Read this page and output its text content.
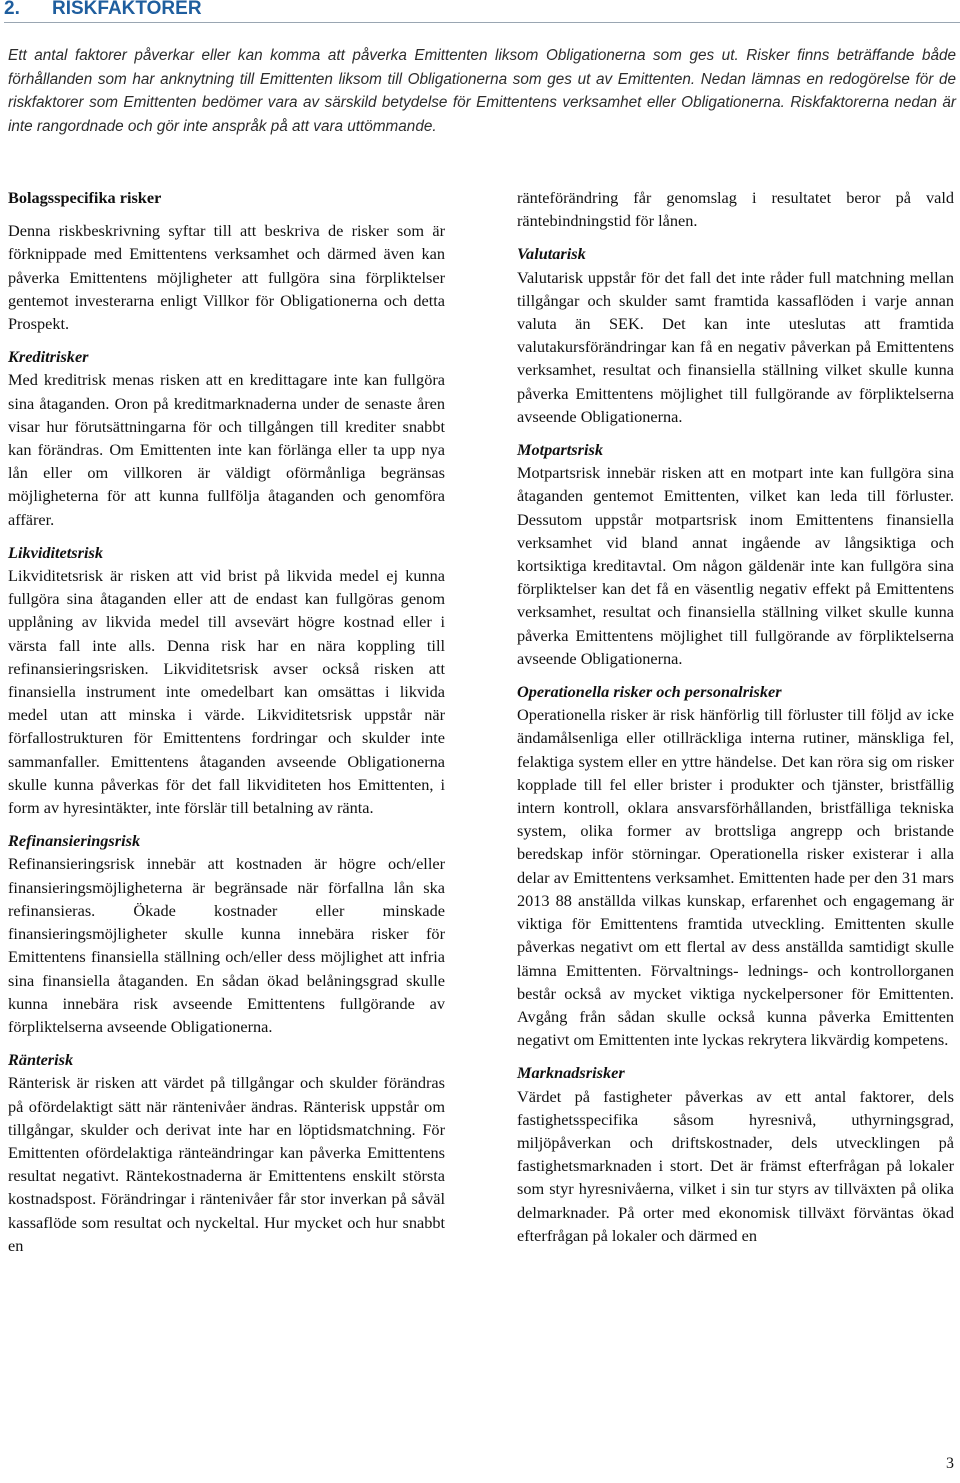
2. RISKFAKTORER

Ett antal faktorer påverkar eller kan komma att påverka Emittenten liksom Obligationerna som ges ut. Risker finns beträffande både förhållanden som har anknytning till Emittenten liksom till Obligationerna som ges ut av Emittenten. Nedan lämnas en redogörelse för de riskfaktorer som Emittenten bedömer vara av särskild betydelse för Emittentens verksamhet eller Obligationerna. Riskfaktorerna nedan är inte rangordnade och gör inte anspråk på att vara uttömmande.

Bolagsspecifika risker

Denna riskbeskrivning syftar till att beskriva de risker som är förknippade med Emittentens verksamhet och därmed även kan påverka Emittentens möjligheter att fullgöra sina förpliktelser gentemot investerarna enligt Villkor för Obligationerna och detta Prospekt.

Kreditrisker

Med kreditrisk menas risken att en kredittagare inte kan fullgöra sina åtaganden. Oron på kreditmarknaderna under de senaste åren visar hur förutsättningarna för och tillgången till krediter snabbt kan förändras. Om Emittenten inte kan förlänga eller ta upp nya lån eller om villkoren är väldigt oförmånliga begränsas möjligheterna för att kunna fullfölja åtaganden och genomföra affärer.

Likviditetsrisk

Likviditetsrisk är risken att vid brist på likvida medel ej kunna fullgöra sina åtaganden eller att de endast kan fullgöras genom upplåning av likvida medel till avsevärt högre kostnad eller i värsta fall inte alls. Denna risk har en nära koppling till refinansieringsrisken. Likviditetsrisk avser också risken att finansiella instrument inte omedelbart kan omsättas i likvida medel utan att minska i värde. Likviditetsrisk uppstår när förfallostrukturen för Emittentens fordringar och skulder inte sammanfaller. Emittentens åtaganden avseende Obligationerna skulle kunna påverkas för det fall likviditeten hos Emittenten, i form av hyresintäkter, inte förslär till betalning av ränta.

Refinansieringsrisk

Refinansieringsrisk innebär att kostnaden är högre och/eller finansieringsmöjligheterna är begränsade när förfallna lån ska refinansieras. Ökade kostnader eller minskade finansieringsmöjligheter skulle kunna innebära risker för Emittentens finansiella ställning och/eller dess möjlighet att infria sina finansiella åtaganden. En sådan ökad belåningsgrad skulle kunna innebära risk avseende Emittentens fullgörande av förpliktelserna avseende Obligationerna.

Ränterisk

Ränterisk är risken att värdet på tillgångar och skulder förändras på ofördelaktigt sätt när räntenivåer ändras. Ränterisk uppstår om tillgångar, skulder och derivat inte har en löptidsmatchning. För Emittenten ofördelaktiga ränteändringar kan påverka Emittentens resultat negativt. Räntekostnaderna är Emittentens enskilt största kostnadspost. Förändringar i räntenivåer får stor inverkan på såväl kassaflöde som resultat och nyckeltal. Hur mycket och hur snabbt en

ränteförändring får genomslag i resultatet beror på vald räntebindningstid för lånen.

Valutarisk

Valutarisk uppstår för det fall det inte råder full matchning mellan tillgångar och skulder samt framtida kassaflöden i varje annan valuta än SEK. Det kan inte uteslutas att framtida valutakursförändringar kan få en negativ påverkan på Emittentens verksamhet, resultat och finansiella ställning vilket skulle kunna påverka Emittentens möjlighet till fullgörande av förpliktelserna avseende Obligationerna.

Motpartsrisk

Motpartsrisk innebär risken att en motpart inte kan fullgöra sina åtaganden gentemot Emittenten, vilket kan leda till förluster. Dessutom uppstår motpartsrisk inom Emittentens finansiella verksamhet vid bland annat ingående av långsiktiga och kortsiktiga kreditavtal. Om någon gäldenär inte kan fullgöra sina förpliktelser kan det få en väsentlig negativ effekt på Emittentens verksamhet, resultat och finansiella ställning vilket skulle kunna påverka Emittentens möjlighet till fullgörande av förpliktelserna avseende Obligationerna.

Operationella risker och personalrisker

Operationella risker är risk hänförlig till förluster till följd av icke ändamålsenliga eller otillräckliga interna rutiner, mänskliga fel, felaktiga system eller en yttre händelse. Det kan röra sig om risker kopplade till fel eller brister i produkter och tjänster, bristfällig intern kontroll, oklara ansvarsförhållanden, bristfälliga tekniska system, olika former av brottsliga angrepp och bristande beredskap inför störningar. Operationella risker existerar i alla delar av Emittentens verksamhet. Emittenten hade per den 31 mars 2013 88 anställda vilkas kunskap, erfarenhet och engagemang är viktiga för Emittentens framtida utveckling. Emittenten skulle påverkas negativt om ett flertal av dess anställda samtidigt skulle lämna Emittenten. Förvaltnings- lednings- och kontrollorganen består också av mycket viktiga nyckelpersoner för Emittenten. Avgång från sådan skulle också kunna påverka Emittenten negativt om Emittenten inte lyckas rekrytera likvärdig kompetens.

Marknadsrisker

Värdet på fastigheter påverkas av ett antal faktorer, dels fastighetsspecifika såsom hyresnivå, uthyrningsgrad, miljöpåverkan och driftskostnader, dels utvecklingen på fastighetsmarknaden i stort. Det är främst efterfrågan på lokaler som styr hyresnivåerna, vilket i sin tur styrs av tillväxten på olika delmarknader. På orter med ekonomisk tillväxt förväntas ökad efterfrågan på lokaler och därmed en

3
